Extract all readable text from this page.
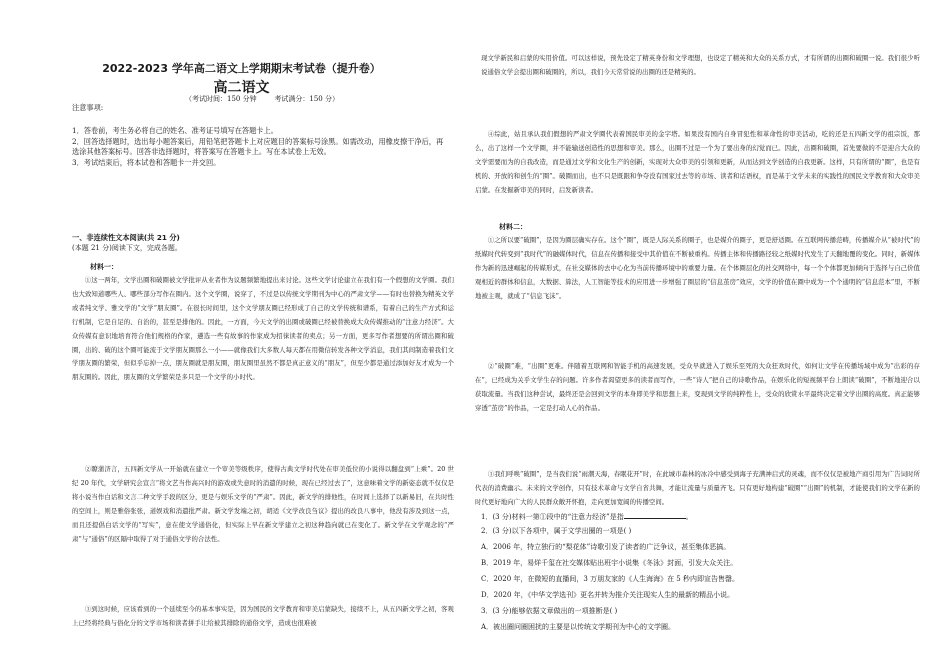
2022-2023 学年高二语文上学期期末考试卷（提升卷）
高二语文
（考试时间：150 分钟        考试满分：150 分）
注意事项:
1．答卷前，考生务必将自己的姓名、准考证号填写在答题卡上。
2．回答选择题时，选出每小题答案后，用铅笔把答题卡上对应题目的答案标号涂黑。如需改动，用橡皮擦干净后，再选涂其他答案标号。回答非选择题时，将答案写在答题卡上。写在本试卷上无效。
3．考试结束后，将本试卷和答题卡一并交回。
一、非连续性文本阅读(共 21 分)
(本题 21 分)阅读下文，完成各题。
材料一：
①这一两年，文学出圈和破圈被文学批评从业者作为议题频繁地提出来讨论。这些文学讨论建立在我们有一个假想的文学圈。我们也大致知道哪些人、哪些部分写作在圈内。这个文学圈，说穿了，不过是以传统文学期刊为中心的严肃文学——有时也替换为精英文学或者纯文学、雅文学的“文学”朋友圈”。在很长时间里，这个文学朋友圈已经形成了自己的文学传统和谱系，有着自己的生产方式和运行机制，它是自足的、自治的，甚至是排他的。因此，一方面，今天文学的出圈或破圈已经被替换成大众传媒推动的“注意力经济”。大众传媒有意识地培育符合他们规格的作家，遴选一些有故事的作家成为招徕读者的卖点；另一方面，更多写作者想要的所谓出圈和破圈，出的、破的这个圈可能流于文学朋友圈那么一小——就像我们大多数人每天都在用微信转发各种文学消息，我们其间制造着我们文学朋友圈的繁荣，但似乎忘掉一点，朋友圈就是朋友圈，朋友圈里虽然不都是真正意义的“朋友”，但至少都是通过添加好友才成为一个朋友圈的。因此，朋友圈的文学繁荣是多只是一个文学的小时代。
②瞭蒲济言，五四新文学从一开始就在建立一个审美等级秩序，使得古典文学时代处在审美低位的小说得以翻盘到“上乘”。20 世纪 20 年代，文学研究会宣言“将文艺当作高兴时的游戏或失意时的消遣的时候，现在已经过去了”，这意味着文学的新姿态就不仅仅是将小说当作白话和文言二种文学手段的区分，更是与娱乐文学的“严肃”。因此，新文学的排他性，在时间上选择了以新易旧，在共时性的空间上，则是雅俗张张，道娱戏和消遣批严肃。新文学发端之初，胡适《文学改良刍议》提出的改良八事中，他没有涉及到这一点，而且还提倡白话文学的“写实”，意在使文学通俗化，但实际上早在新文学建立之初这种趋向就已在变化了。新文学在文学观念的“严肃”与“通俗”的区隔中取得了对于通俗文学的合法性。
③到这时候，应该看到的一个延续至今的基本事实是，因为国民的文学教育和审美启蒙缺失，接续不上，从五四新文学之初，客观上已经将经典与俗化分的文学市场和读者拼手让给被其排除的通俗文学，造成也很难被
现文学新民和启蒙的实用价值。可以这样说，预先设定了精英身份和文学理想，也设定了精英和大众的关系方式，才有所谓的出圈和破圈一说。我们很少听说通俗文学会提出圈和破圈的，所以，我们今天常常说的出圈的还是精英的。
④综此，姑且承认我们假想的严肃文学圈代表着国民审美的金字塔。如果没有国内自身冒犯性和革命性的审美活动，吃的还是五四新文学的祖宗饭，那么，出了这样一个文学圈，并不能输送创造性的思想和审美。那么，出圈不过是一个为了要出身的幻觉而已。因此，出圈和破圈，首先要做的不是迎合大众的文学需要而为的自我改造，而是通过文学和文化生产的创新，实现对大众审美的引领和更新，从而达到文学创造的自我更新。这样，只有所谓的“圈”，也是有机的、开放的和创生的“圈”。破圈而出，也不只是既跟和争夺没有国家过去等的市场、读者和话语权，而是基于文学未来的实践性的国民文学教育和大众审美启蒙。在发掘新审美的同时，启发新读者。
材料二：
①之所以要“破圈”，是因为圈层确实存在。这个“圈”，既是人际关系的圈子，也是媒介的圈子，更是舒适圈。在互联网传播范畴，传播媒介从“被时代”的纸媒时代转变到“我时代”的融媒体时代，信息在传播和接受中其价值在不断被重构。传播主体和传播路径较之纸媒时代发生了天翻地覆的变化。同时，新媒体作为新的迅速崛起的传媒形式，在社交媒体的去中心化为当前传播环境中的重要力量。在个体圈层化的社交网络中，每一个个体都更加倾向于选择与自己价值观相近的群体和信息，大数据、算法，人工智能等技术的应用进一步增强了圈层的“信息茧房”效应，文学的价值在圈中成为一个个通明的“信息范本”里，不断地被主观，就成了“信息飞沫”。
②“破圈”难，“出圈”更难。伴随着互联网和智能手机的高速发展，受众早就进入了娱乐至死的大众狂欢时代，如何让文学在传播场域中成为“出彩的存在”，已经成为关乎文学生存的问题。许多作者渴望更多的读者而写作，一些“诗人”把自己的诗歌作品，在娱乐化的短视频平台上朗读“破圈”，不断地迎合以获取流量。当我们这种尝试，最终还是会回到文学的本身即美学和思想上来，变现到文学的纯粹性上，受众的欣赏水平最终决定着文学出圈的高度。真正能够穿透“茧房”的作品，一定是打动人心的作品。
③我们呼唤“破圈”，是当我们说“雨潮天海，春眠花开”时，在此城市森林的冰冷中感受到海子充满神启式的灵魂，而不仅仅是被地产商引用为广告词时所代表的消费幽示。未来的文学创作，只有技术革命与文学自省共舞，才能让流量与质量齐飞。只有更好地构建“破圈”“出圈”的机制，才能使我们的文学在新的时代更好地向广大的人民群众敞开怀抱，走向更加宽阔的传播空间。
1．(3 分)材料一第①段中的“注意力经济”是指	。
2．(3 分)以下各项中，属于文学出圈的一项是( )
A．2006 年，特立独行的“梨花体”诗歌引发了读者的广泛争议，甚至集体恶搞。
B．2019 年，易烊千玺在社交媒体贴出班宇小说集《冬泳》封面，引发大众关注。
C．2020 年，在微短的直播间，3 万朋友家的《人生海海》在 5 秒内即宣告售罄。
D．2020 年，《中华文学选刊》更名并转为推介关注现实人生的最新的精品小说。
3．(3 分)能够依据文章做出的一项推断是( )
A．被出圈问圈困扰的主要是以传统文学期刊为中心的文学圈。
